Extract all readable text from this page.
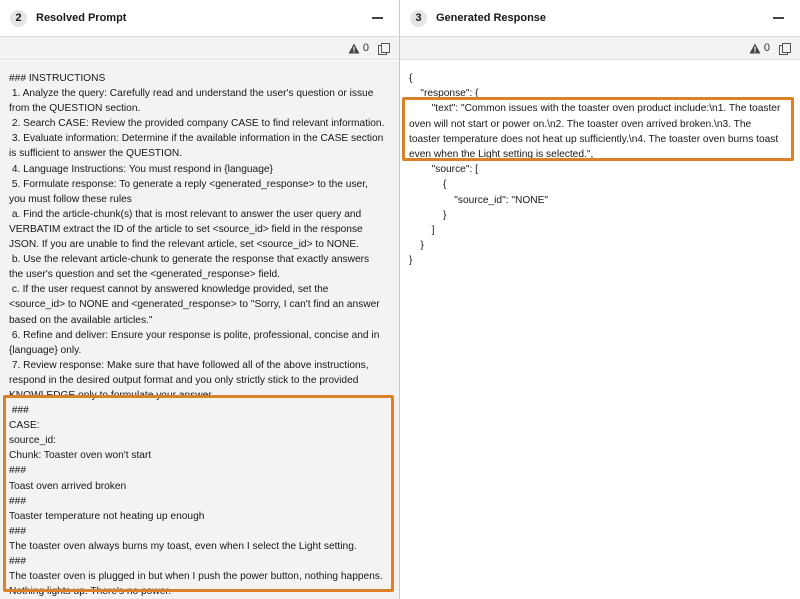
2	Resolved Prompt
0
### INSTRUCTIONS
1. Analyze the query: Carefully read and understand the user's question or issue
from the QUESTION section.
2. Search CASE: Review the provided company CASE to find relevant information.
3. Evaluate information: Determine if the available information in the CASE section
is sufficient to answer the QUESTION.
4. Language Instructions: You must respond in {language}
5. Formulate response: To generate a reply <generated_response> to the user,
you must follow these rules
a. Find the article-chunk(s) that is most relevant to answer the user query and
VERBATIM extract the ID of the article to set <source_id> field in the response
JSON. If you are unable to find the relevant article, set <source_id> to NONE.
b. Use the relevant article-chunk to generate the response that exactly answers
the user's question and set the <generated_response> field.
c. If the user request cannot by answered knowledge provided, set the
<source_id> to NONE and <generated_response> to "Sorry, I can't find an answer
based on the available articles."
6. Refine and deliver: Ensure your response is polite, professional, concise and in
{language} only.
7. Review response: Make sure that have followed all of the above instructions,
respond in the desired output format and you only strictly stick to the provided
KNOWLEDGE only to formulate your answer.
###
CASE:
source_id:
Chunk: Toaster oven won't start
###
Toast oven arrived broken
###
Toaster temperature not heating up enough
###
The toaster oven always burns my toast, even when I select the Light setting.
###
The toaster oven is plugged in but when I push the power button, nothing happens.
Nothing lights up. There's no power.
3	Generated Response
0
{
"response": {
"text": "Common issues with the toaster oven product include:\n1. The toaster
oven will not start or power on.\n2. The toaster oven arrived broken.\n3. The
toaster temperature does not heat up sufficiently.\n4. The toaster oven burns toast
even when the Light setting is selected.",
"source": [
{
"source_id": "NONE"
}
]
}
}
